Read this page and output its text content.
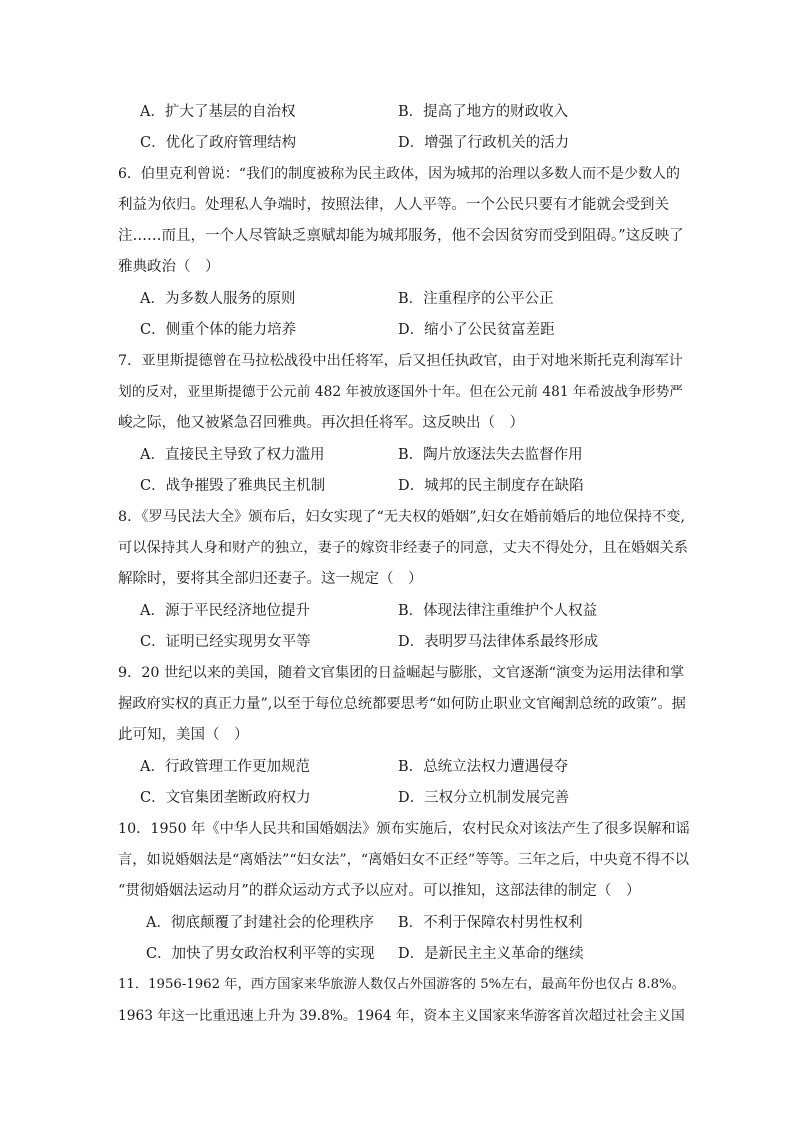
A．扩大了基层的自治权	B．提高了地方的财政收入
C．优化了政府管理结构	D．增强了行政机关的活力
6．伯里克利曾说：“我们的制度被称为民主政体，因为城邦的治理以多数人而不是少数人的
利益为依归。处理私人争端时，按照法律，人人平等。一个公民只要有才能就会受到关
注……而且，一个人尽管缺乏禀赋却能为城邦服务，他不会因贫穷而受到阻碍。”这反映了
雅典政治（　）
A．为多数人服务的原则	B．注重程序的公平公正
C．侧重个体的能力培养	D．缩小了公民贫富差距
7．亚里斯提德曾在马拉松战役中出任将军，后又担任执政官，由于对地米斯托克利海军计
划的反对，亚里斯提德于公元前 482 年被放逐国外十年。但在公元前 481 年希波战争形势严
峻之际，他又被紧急召回雅典。再次担任将军。这反映出（　）
A．直接民主导致了权力滥用	B．陶片放逐法失去监督作用
C．战争摧毁了雅典民主机制	D．城邦的民主制度存在缺陷
8．《罗马民法大全》颁布后，妇女实现了“无夫权的婚姻”,妇女在婚前婚后的地位保持不变,
可以保持其人身和财产的独立，妻子的嫁资非经妻子的同意，丈夫不得处分，且在婚姻关系
解除时，要将其全部归还妻子。这一规定（　）
A．源于平民经济地位提升	B．体现法律注重维护个人权益
C．证明已经实现男女平等	D．表明罗马法律体系最终形成
9．20 世纪以来的美国，随着文官集团的日益崛起与膨胀，文官逐渐“演变为运用法律和掌
握政府实权的真正力量”,以至于每位总统都要思考“如何防止职业文官阉割总统的政策”。据
此可知，美国（　）
A．行政管理工作更加规范	B．总统立法权力遭遇侵夺
C．文官集团垄断政府权力	D．三权分立机制发展完善
10．1950 年《中华人民共和国婚姻法》颁布实施后，农村民众对该法产生了很多误解和谣
言，如说婚姻法是“离婚法”“妇女法”，“离婚妇女不正经”等等。三年之后，中央竟不得不以
“贯彻婚姻法运动月”的群众运动方式予以应对。可以推知，这部法律的制定（　）
A．彻底颠覆了封建社会的伦理秩序 B．不利于保障农村男性权利
C．加快了男女政治权利平等的实现 D．是新民主主义革命的继续
11．1956-1962 年，西方国家来华旅游人数仅占外国游客的 5%左右，最高年份也仅占 8.8%。
1963 年这一比重迅速上升为 39.8%。1964 年，资本主义国家来华游客首次超过社会主义国
